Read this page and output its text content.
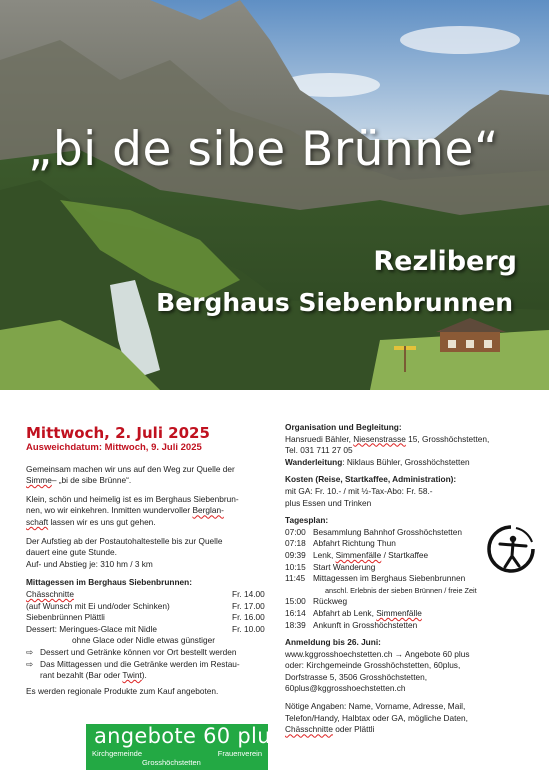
„bi de sibe Brünne“
Rezliberg
Berghaus Siebenbrunnen
Mittwoch, 2. Juli 2025
Ausweichdatum: Mittwoch, 9. Juli 2025

Gemeinsam machen wir uns auf den Weg zur Quelle der
Simme– „bi de sibe Brünne“.

Klein, schön und heimelig ist es im Berghaus Siebenbrun-
nen, wo wir einkehren. Inmitten wundervoller Berglan-
schaft lassen wir es uns gut gehen.

Der Aufstieg ab der Postautohaltestelle bis zur Quelle
dauert eine gute Stunde.
Auf- und Abstieg je: 310 hm / 3 km

Mittagessen im Berghaus Siebenbrunnen:
Chässchnitte	Fr. 14.00
(auf Wunsch mit Ei und/oder Schinken)	Fr. 17.00
Siebenbrünnen Plättli	Fr. 16.00
Dessert: Meringues-Glace mit Nidle	Fr. 10.00
ohne Glace oder Nidle etwas günstiger
⇨ Dessert und Getränke können vor Ort bestellt werden
⇨ Das Mittagessen und die Getränke werden im Restau-
rant bezahlt (Bar oder Twint).
Es werden regionale Produkte zum Kauf angeboten.
angebote 60 plus
Kirchgemeinde	Frauenverein
Grosshöchstetten
Organisation und Begleitung:
Hansruedi Bähler, Niesenstrasse 15, Grosshöchstetten,
Tel. 031 711 27 05
Wanderleitung: Niklaus Bühler, Grosshöchstetten
Kosten (Reise, Startkaffee, Administration):
mit GA: Fr. 10.- / mit ½-Tax-Abo: Fr. 58.-
plus Essen und Trinken
Tagesplan:
07:00 Besammlung Bahnhof Grosshöchstetten
07:18 Abfahrt Richtung Thun
09:39 Lenk, Simmenfälle / Startkaffee
10:15 Start Wanderung
11:45 Mittagessen im Berghaus Siebenbrunnen
anschl. Erlebnis der sieben Brünnen / freie Zeit
15:00 Rückweg
16:14 Abfahrt ab Lenk, Simmenfälle
18:39 Ankunft in Grosshöchstetten
Anmeldung bis 26. Juni:
www.kggrosshoechstetten.ch → Angebote 60 plus
oder: Kirchgemeinde Grosshöchstetten, 60plus,
Dorfstrasse 5, 3506 Grosshöchstetten,
60plus@kggrosshoechstetten.ch
Nötige Angaben: Name, Vorname, Adresse, Mail,
Telefon/Handy, Halbtax oder GA, mögliche Daten,
Chässchnitte oder Plättli
